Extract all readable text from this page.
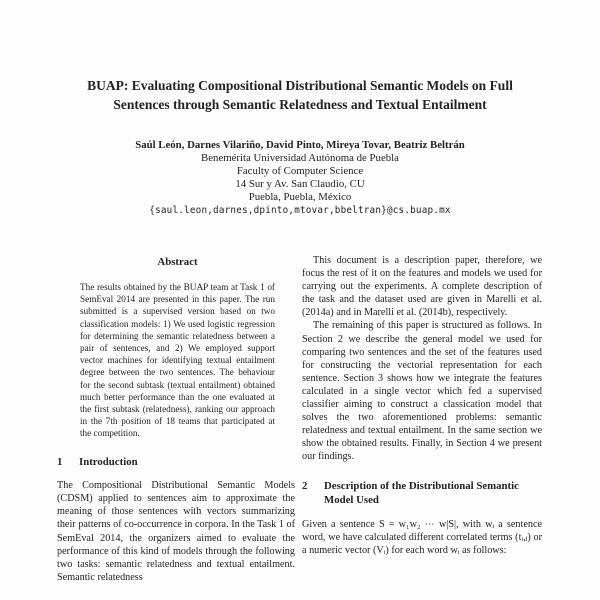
BUAP: Evaluating Compositional Distributional Semantic Models on Full Sentences through Semantic Relatedness and Textual Entailment
Saúl León, Darnes Vilariño, David Pinto, Mireya Tovar, Beatriz Beltrán
Benemérita Universidad Autónoma de Puebla
Faculty of Computer Science
14 Sur y Av. San Claudio, CU
Puebla, Puebla, México
{saul.leon,darnes,dpinto,mtovar,bbeltran}@cs.buap.mx
Abstract

The results obtained by the BUAP team at Task 1 of SemEval 2014 are presented in this paper. The run submitted is a supervised version based on two classification models: 1) We used logistic regression for determining the semantic relatedness between a pair of sentences, and 2) We employed support vector machines for identifying textual entailment degree between the two sentences. The behaviour for the second subtask (textual entailment) obtained much better performance than the one evaluated at the first subtask (relatedness), ranking our approach in the 7th position of 18 teams that participated at the competition.

1	Introduction

The Compositional Distributional Semantic Models (CDSM) applied to sentences aim to approximate the meaning of those sentences with vectors summarizing their patterns of co-occurrence in corpora. In the Task 1 of SemEval 2014, the organizers aimed to evaluate the performance of this kind of models through the following two tasks: semantic relatedness and textual entailment. Semantic relatedness

This document is a description paper, therefore, we focus the rest of it on the features and models we used for carrying out the experiments. A complete description of the task and the dataset used are given in Marelli et al. (2014a) and in Marelli et al. (2014b), respectively.

The remaining of this paper is structured as follows. In Section 2 we describe the general model we used for comparing two sentences and the set of the features used for constructing the vectorial representation for each sentence. Section 3 shows how we integrate the features calculated in a single vector which fed a supervised classifier aiming to construct a classication model that solves the two aforementioned problems: semantic relatedness and textual entailment. In the same section we show the obtained results. Finally, in Section 4 we present our findings.

2	Description of the Distributional Semantic Model Used

Given a sentence S = w₁w₂ ⋯ w|S|, with wᵢ a sentence word, we have calculated different correlated terms (tᵢ,ⱼ) or a numeric vector (Vᵢ) for each word wᵢ as follows:
